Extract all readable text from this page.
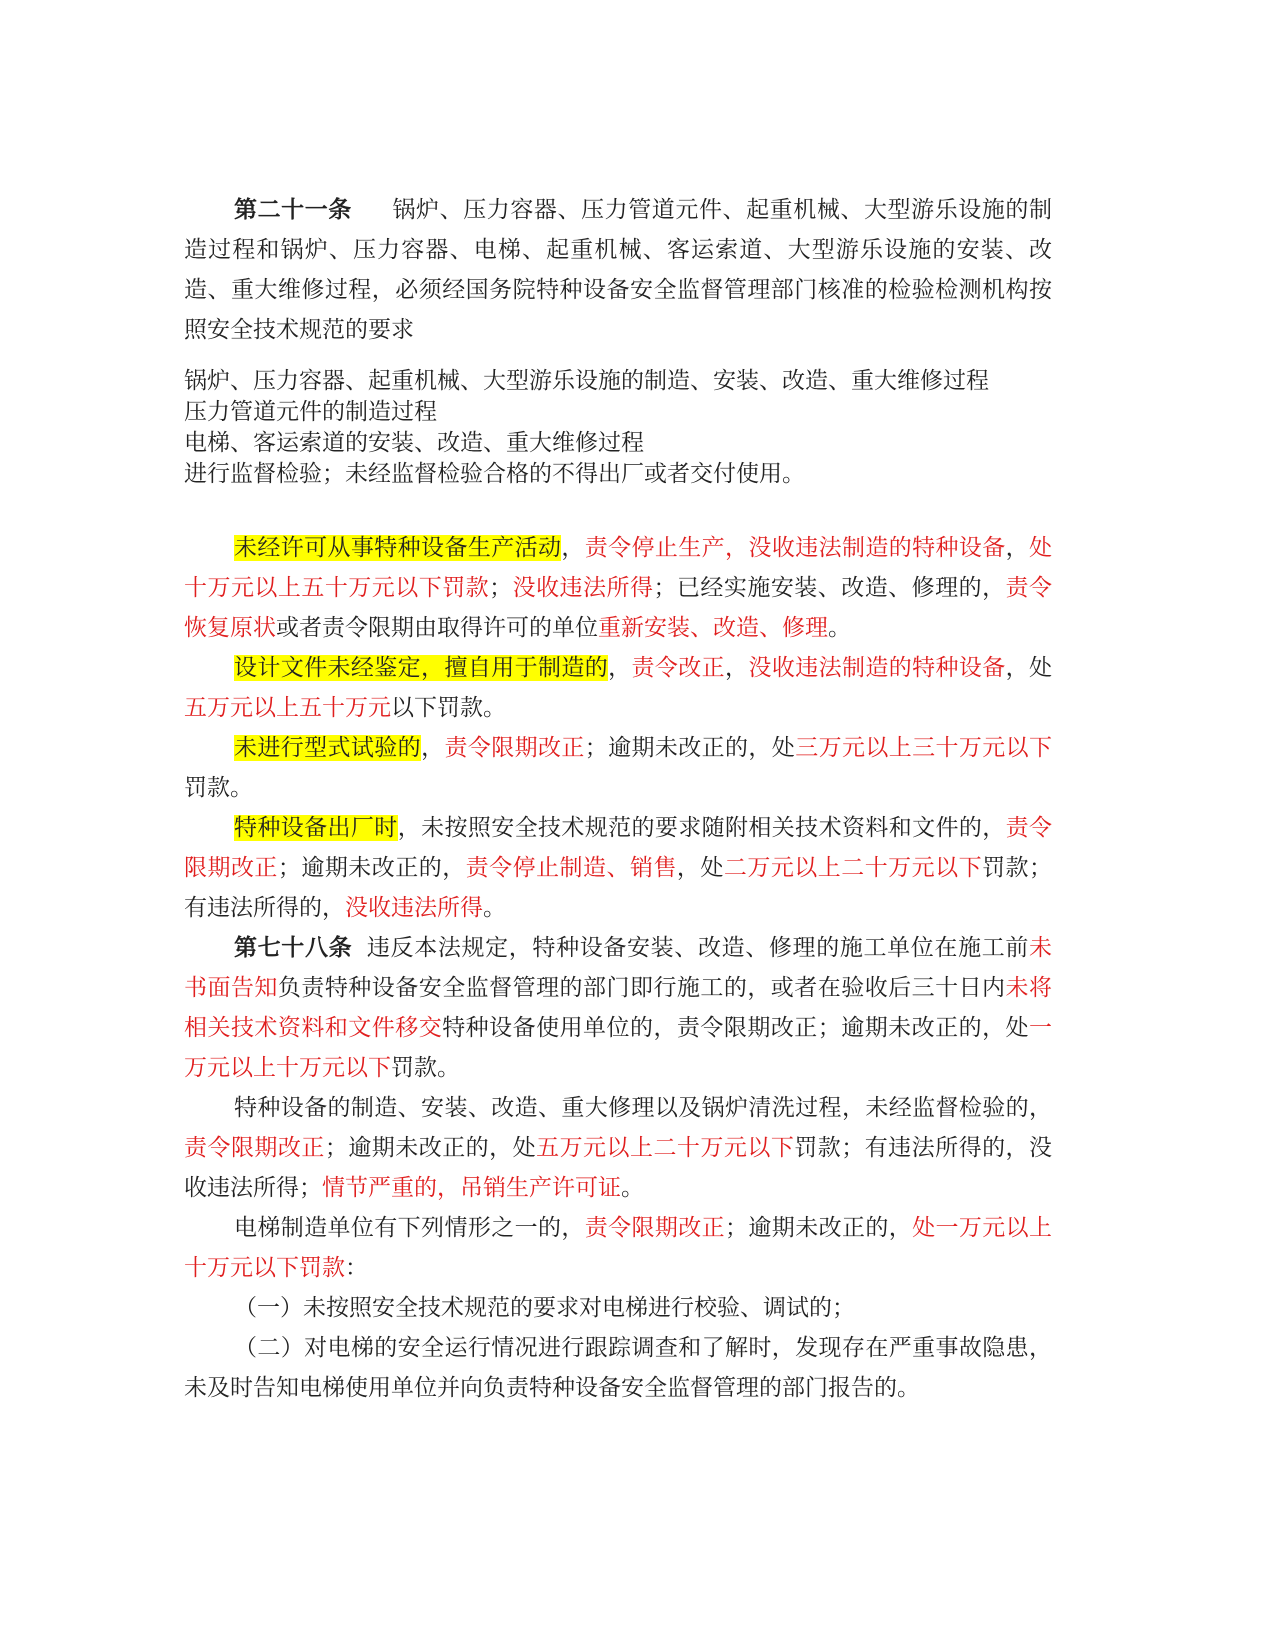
第二十一条 锅炉、压力容器、压力管道元件、起重机械、大型游乐设施的制造过程和锅炉、压力容器、电梯、起重机械、客运索道、大型游乐设施的安装、改造、重大维修过程，必须经国务院特种设备安全监督管理部门核准的检验检测机构按照安全技术规范的要求

锅炉、压力容器、起重机械、大型游乐设施的制造、安装、改造、重大维修过程

压力管道元件的制造过程

电梯、客运索道的安装、改造、重大维修过程

进行监督检验；未经监督检验合格的不得出厂或者交付使用。

未经许可从事特种设备生产活动，责令停止生产，没收违法制造的特种设备，处十万元以上五十万元以下罚款；没收违法所得；已经实施安装、改造、修理的，责令恢复原状或者责令限期由取得许可的单位重新安装、改造、修理。

设计文件未经鉴定，擅自用于制造的，责令改正，没收违法制造的特种设备，处五万元以上五十万元以下罚款。

未进行型式试验的，责令限期改正；逾期未改正的，处三万元以上三十万元以下罚款。

特种设备出厂时，未按照安全技术规范的要求随附相关技术资料和文件的，责令限期改正；逾期未改正的，责令停止制造、销售，处二万元以上二十万元以下罚款；有违法所得的，没收违法所得。

第七十八条 违反本法规定，特种设备安装、改造、修理的施工单位在施工前未书面告知负责特种设备安全监督管理的部门即行施工的，或者在验收后三十日内未将相关技术资料和文件移交特种设备使用单位的，责令限期改正；逾期未改正的，处一万元以上十万元以下罚款。

特种设备的制造、安装、改造、重大修理以及锅炉清洗过程，未经监督检验的，责令限期改正；逾期未改正的，处五万元以上二十万元以下罚款；有违法所得的，没收违法所得；情节严重的，吊销生产许可证。

电梯制造单位有下列情形之一的，责令限期改正；逾期未改正的，处一万元以上十万元以下罚款：

（一）未按照安全技术规范的要求对电梯进行校验、调试的；

（二）对电梯的安全运行情况进行跟踪调查和了解时，发现存在严重事故隐患，未及时告知电梯使用单位并向负责特种设备安全监督管理的部门报告的。
